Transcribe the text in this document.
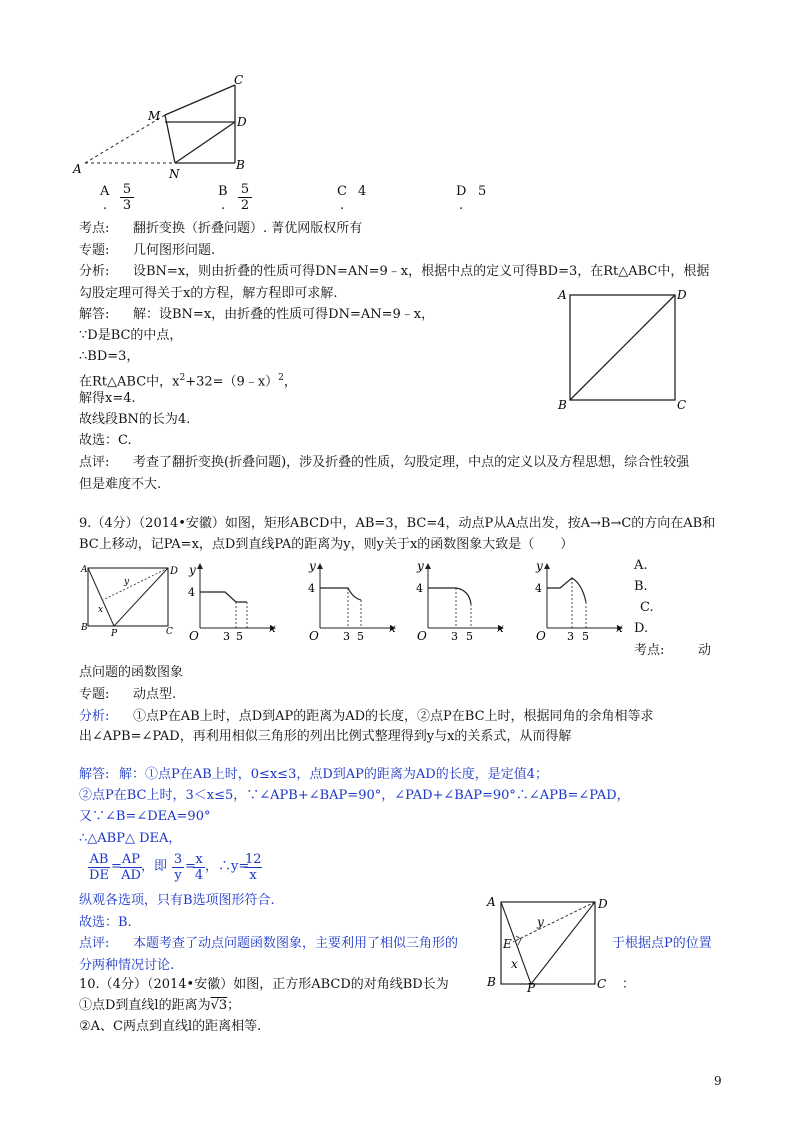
C
M	D
A	N
B
A $\frac{5}{3}$
.
B $\frac{5}{2}$
.
C 4
.
D 5
.
考点: 翻折变换（折叠问题）. 菁优网版权所有
专题: 几何图形问题.
分析: 设BN=x，则由折叠的性质可得DN=AN=9﹣x，根据中点的定义可得BD=3，在Rt△ABC中，根据
勾股定理可得关于x的方程，解方程即可求解.
解答: 解：设BN=x，由折叠的性质可得DN=AN=9﹣x，
∵D是BC的中点，
∴BD=3，
在Rt△ABC中，$x^2+32=(9﹣x)^2$，
解得x=4.
故线段BN的长为4.
故选：C.
点评: 考查了翻折变换(折叠问题)，涉及折叠的性质，勾股定理，中点的定义以及方程思想，综合性较强
但是难度不大.
A	D
B	C
9.（4分）（2014•安徽）如图，矩形ABCD中，AB=3，BC=4，动点P从A点出发，按A→B→C的方向在AB和
BC上移动，记PA=x，点D到直线PA的距离为y，则y关于x的函数图象大致是（　　）
A	D
y
x
B
P	C
y
4
O 3 5
x
y
4
O 3 5
x
y
4
O 3 5
x
y
4
O 3 5
x
A.
B.
C.
D.
考点:	动
点问题的函数图象
专题: 动点型.
分析: ①点P在AB上时，点D到AP的距离为AD的长度，②点P在BC上时，根据同角的余角相等求
出∠APB=∠PAD，再利用相似三角形的列出比例式整理得到y与x的关系式，从而得解
解答: 解：①点P在AB上时，0≤x≤3，点D到AP的距离为AD的长度，是定值4；
②点P在BC上时，3＜x≤5，∵∠APB+∠BAP=90°，∠PAD+∠BAP=90°∴∠APB=∠PAD，
又∵∠B=∠DEA=90°
∴△ABP△ DEA，
$\frac{AB}{DE}$ =
$\frac{AP}{AD}$ ，即 $\frac{3}{y}$ =
$\frac{x}{4}$ ，∴y=
$\frac{12}{x}$
纵观各选项，只有B选项图形符合.
故选：B.
点评: 本题考查了动点问题函数图象，主要利用了相似三角形的	于根据点P的位置
分两种情况讨论.
A	D
E
y
x
B	P	C
10.（4分）（2014•安徽）如图，正方形ABCD的对角线BD长为	：
①点D到直线l的距离为√3；
②A、C两点到直线l的距离相等.
9
